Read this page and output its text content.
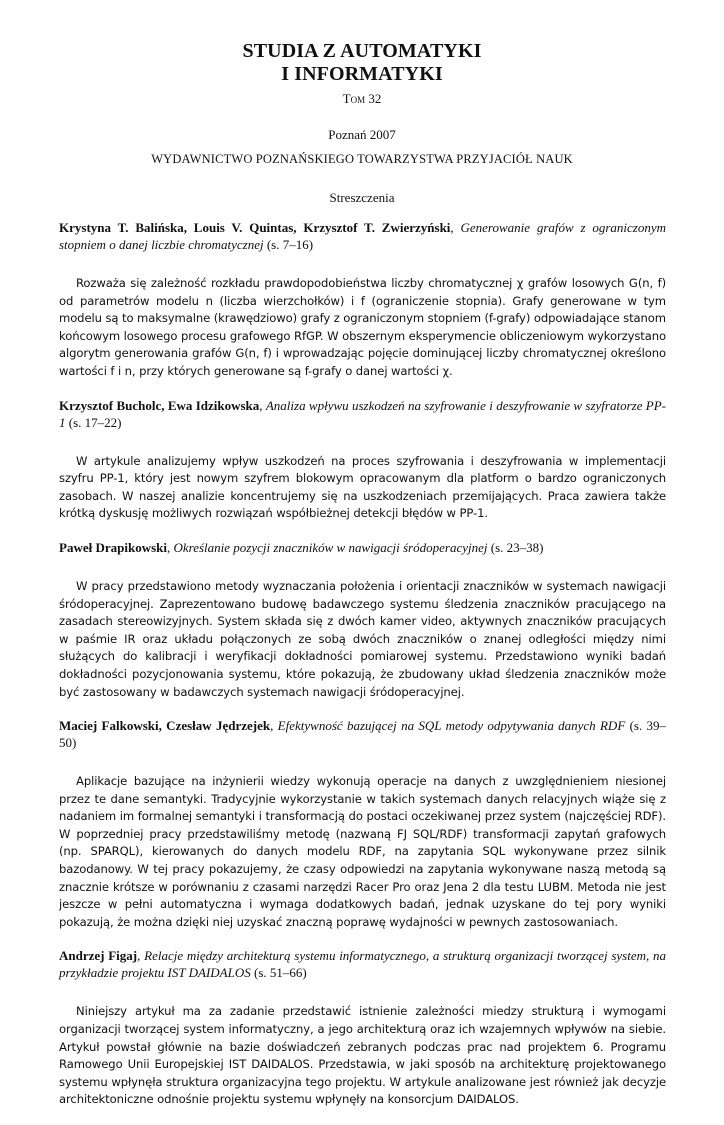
STUDIA Z AUTOMATYKI
I INFORMATYKI
Tom 32
Poznań 2007
WYDAWNICTWO POZNAŃSKIEGO TOWARZYSTWA PRZYJACIÓŁ NAUK
Streszczenia

Krystyna T. Balińska, Louis V. Quintas, Krzysztof T. Zwierzyński, Generowanie grafów z ograniczonym stopniem o danej liczbie chromatycznej (s. 7–16)

Rozważa się zależność rozkładu prawdopodobieństwa liczby chromatycznej χ grafów losowych G(n, f) od parametrów modelu n (liczba wierzchołków) i f (ograniczenie stopnia). Grafy generowane w tym modelu są to maksymalne (krawędziowo) grafy z ograniczonym stopniem (f-grafy) odpowiadające stanom końcowym losowego procesu grafowego RfGP. W obszernym eksperymencie obliczeniowym wykorzystano algorytm generowania grafów G(n, f) i wprowadzając pojęcie dominującej liczby chromatycznej określono wartości f i n, przy których generowane są f-grafy o danej wartości χ.

Krzysztof Bucholc, Ewa Idzikowska, Analiza wpływu uszkodzeń na szyfrowanie i deszyfrowanie w szyfratorze PP-1 (s. 17–22)

W artykule analizujemy wpływ uszkodzeń na proces szyfrowania i deszyfrowania w implementacji szyfru PP-1, który jest nowym szyfrem blokowym opracowanym dla platform o bardzo ograniczonych zasobach. W naszej analizie koncentrujemy się na uszkodzeniach przemijających. Praca zawiera także krótką dyskusję możliwych rozwiązań współbieżnej detekcji błędów w PP-1.

Paweł Drapikowski, Określanie pozycji znaczników w nawigacji śródoperacyjnej (s. 23–38)

W pracy przedstawiono metody wyznaczania położenia i orientacji znaczników w systemach nawigacji śródoperacyjnej. Zaprezentowano budowę badawczego systemu śledzenia znaczników pracującego na zasadach stereowizyjnych. System składa się z dwóch kamer video, aktywnych znaczników pracujących w paśmie IR oraz układu połączonych ze sobą dwóch znaczników o znanej odległości między nimi służących do kalibracji i weryfikacji dokładności pomiarowej systemu. Przedstawiono wyniki badań dokładności pozycjonowania systemu, które pokazują, że zbudowany układ śledzenia znaczników może być zastosowany w badawczych systemach nawigacji śródoperacyjnej.

Maciej Falkowski, Czesław Jędrzejek, Efektywność bazującej na SQL metody odpytywania danych RDF (s. 39–50)

Aplikacje bazujące na inżynierii wiedzy wykonują operacje na danych z uwzględnieniem niesionej przez te dane semantyki. Tradycyjnie wykorzystanie w takich systemach danych relacyjnych wiąże się z nadaniem im formalnej semantyki i transformacją do postaci oczekiwanej przez system (najczęściej RDF). W poprzedniej pracy przedstawiliśmy metodę (nazwaną FJ SQL/RDF) transformacji zapytań grafowych (np. SPARQL), kierowanych do danych modelu RDF, na zapytania SQL wykonywane przez silnik bazodanowy. W tej pracy pokazujemy, że czasy odpowiedzi na zapytania wykonywane naszą metodą są znacznie krótsze w porównaniu z czasami narzędzi Racer Pro oraz Jena 2 dla testu LUBM. Metoda nie jest jeszcze w pełni automatyczna i wymaga dodatkowych badań, jednak uzyskane do tej pory wyniki pokazują, że można dzięki niej uzyskać znaczną poprawę wydajności w pewnych zastosowaniach.

Andrzej Figaj, Relacje między architekturą systemu informatycznego, a strukturą organizacji tworzącej system, na przykładzie projektu IST DAIDALOS (s. 51–66)

Niniejszy artykuł ma za zadanie przedstawić istnienie zależności miedzy strukturą i wymogami organizacji tworzącej system informatyczny, a jego architekturą oraz ich wzajemnych wpływów na siebie. Artykuł powstał głównie na bazie doświadczeń zebranych podczas prac nad projektem 6. Programu Ramowego Unii Europejskiej IST DAIDALOS. Przedstawia, w jaki sposób na architekturę projektowanego systemu wpłynęła struktura organizacyjna tego projektu. W artykule analizowane jest również jak decyzje architektoniczne odnośnie projektu systemu wpłynęły na konsorcjum DAIDALOS.
